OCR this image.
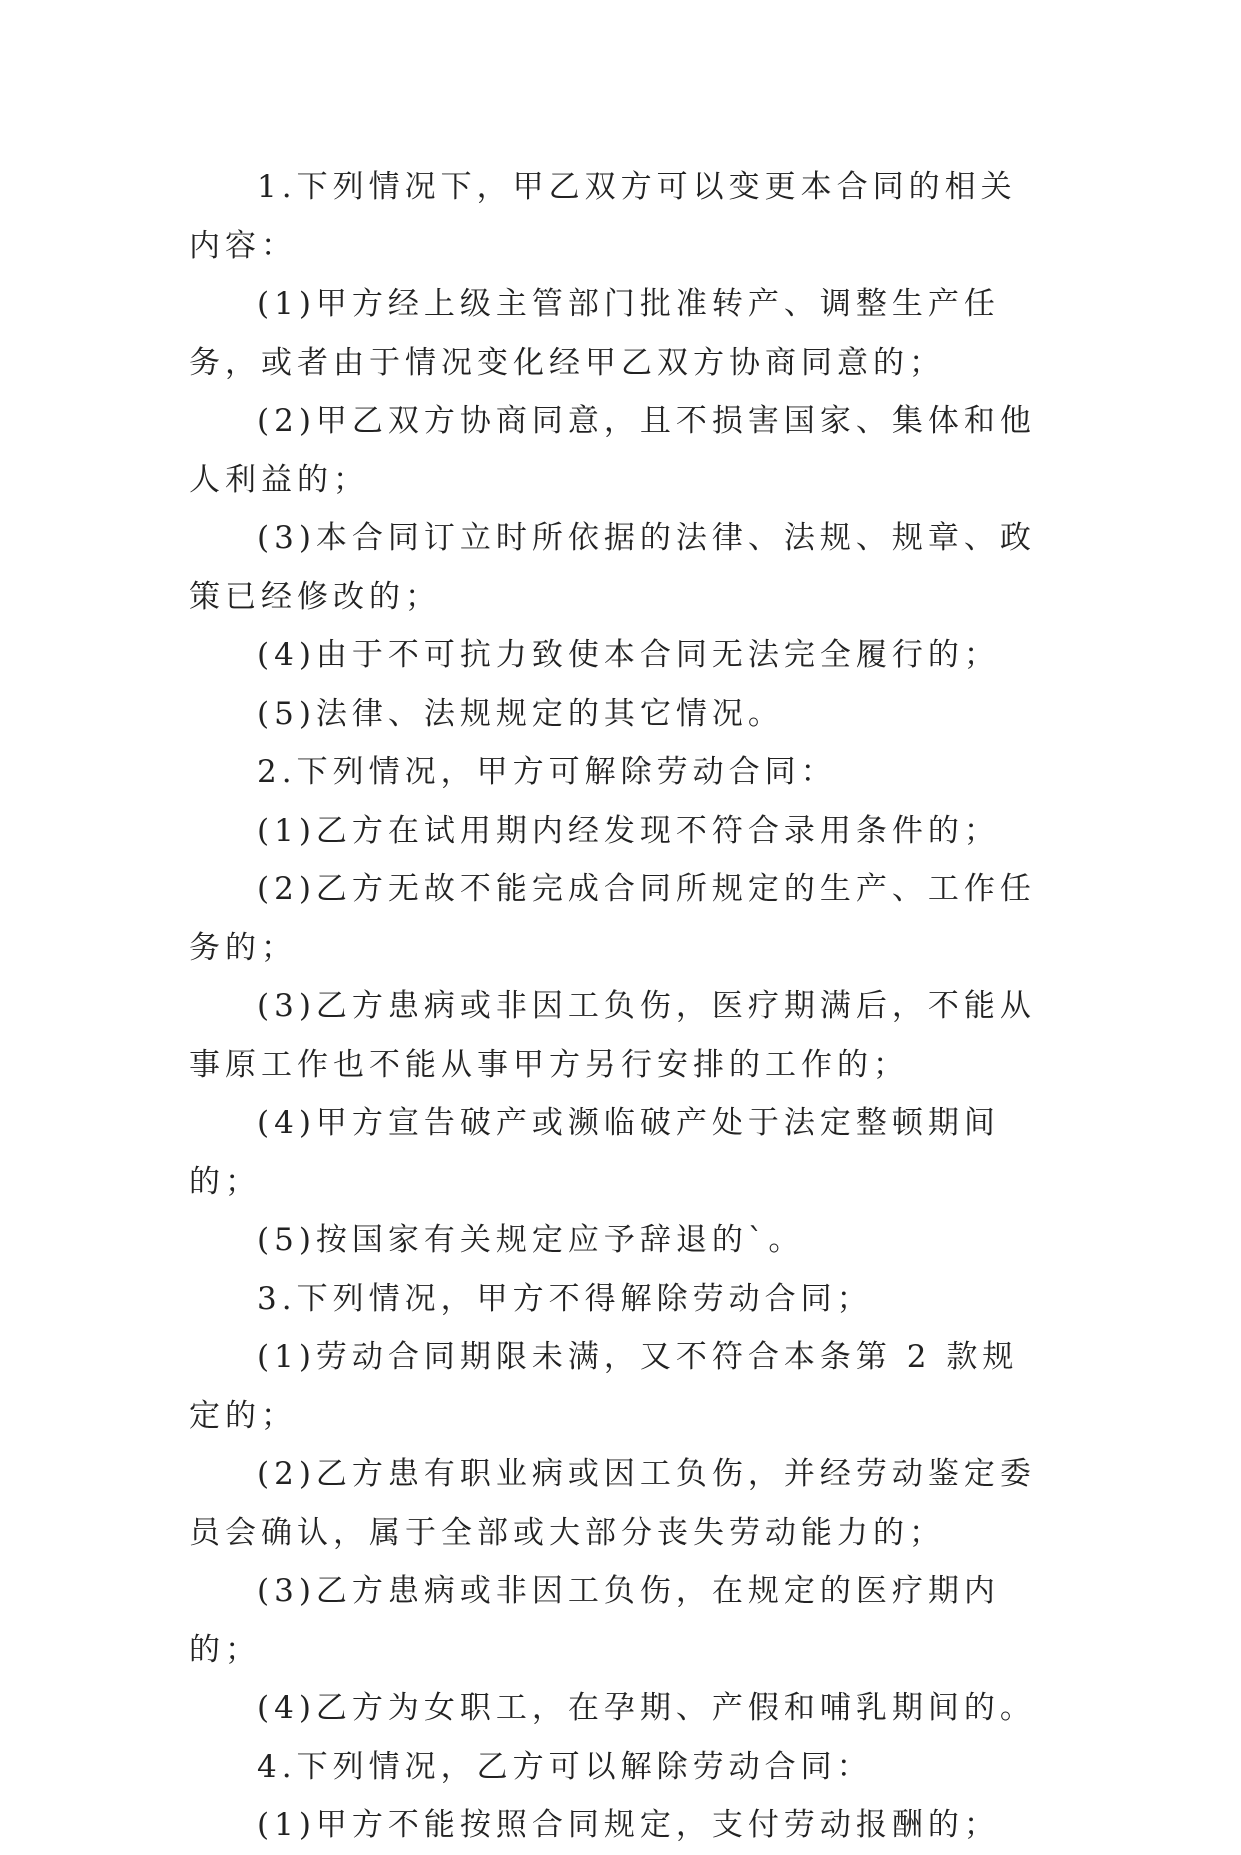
1.下列情况下，甲乙双方可以变更本合同的相关内容：

(1)甲方经上级主管部门批准转产、调整生产任务，或者由于情况变化经甲乙双方协商同意的；

(2)甲乙双方协商同意，且不损害国家、集体和他人利益的；

(3)本合同订立时所依据的法律、法规、规章、政策已经修改的；

(4)由于不可抗力致使本合同无法完全履行的；

(5)法律、法规规定的其它情况。

2.下列情况，甲方可解除劳动合同：

(1)乙方在试用期内经发现不符合录用条件的；

(2)乙方无故不能完成合同所规定的生产、工作任务的；

(3)乙方患病或非因工负伤，医疗期满后，不能从事原工作也不能从事甲方另行安排的工作的；

(4)甲方宣告破产或濒临破产处于法定整顿期间的；

(5)按国家有关规定应予辞退的`。

3.下列情况，甲方不得解除劳动合同；

(1)劳动合同期限未满，又不符合本条第 2 款规定的；

(2)乙方患有职业病或因工负伤，并经劳动鉴定委员会确认，属于全部或大部分丧失劳动能力的；

(3)乙方患病或非因工负伤，在规定的医疗期内的；

(4)乙方为女职工，在孕期、产假和哺乳期间的。

4.下列情况，乙方可以解除劳动合同：

(1)甲方不能按照合同规定，支付劳动报酬的；
